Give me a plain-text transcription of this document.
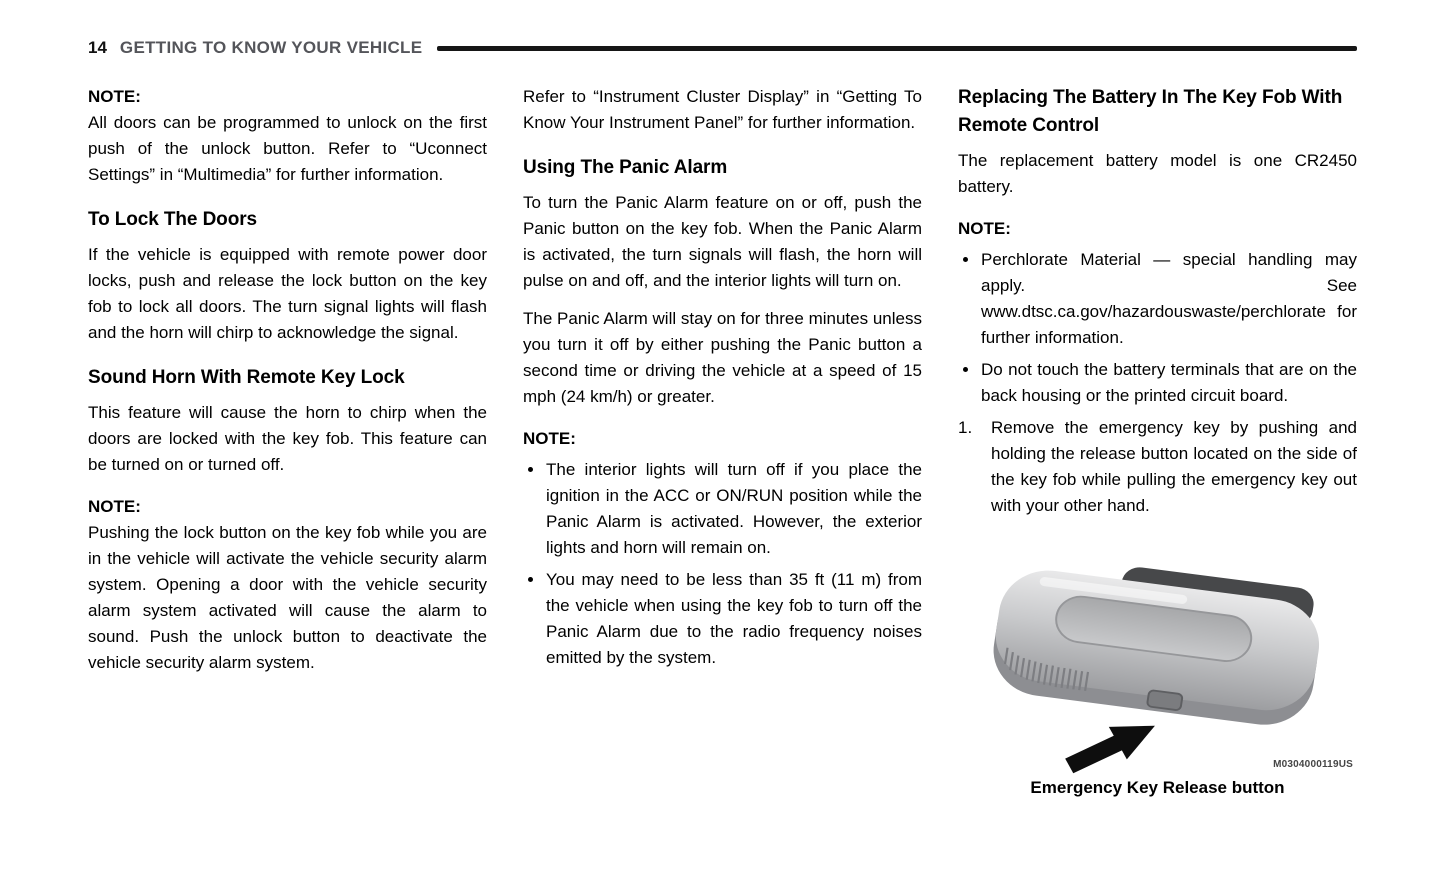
14 GETTING TO KNOW YOUR VEHICLE

NOTE:

All doors can be programmed to unlock on the first push of the unlock button. Refer to “Uconnect Settings” in “Multimedia” for further information.

To Lock The Doors

If the vehicle is equipped with remote power door locks, push and release the lock button on the key fob to lock all doors. The turn signal lights will flash and the horn will chirp to acknowledge the signal.

Sound Horn With Remote Key Lock

This feature will cause the horn to chirp when the doors are locked with the key fob. This feature can be turned on or turned off.

NOTE:

Pushing the lock button on the key fob while you are in the vehicle will activate the vehicle security alarm system. Opening a door with the vehicle security alarm system activated will cause the alarm to sound. Push the unlock button to deactivate the vehicle security alarm system.

Refer to “Instrument Cluster Display” in “Getting To Know Your Instrument Panel” for further information.

Using The Panic Alarm

To turn the Panic Alarm feature on or off, push the Panic button on the key fob. When the Panic Alarm is activated, the turn signals will flash, the horn will pulse on and off, and the interior lights will turn on.

The Panic Alarm will stay on for three minutes unless you turn it off by either pushing the Panic button a second time or driving the vehicle at a speed of 15 mph (24 km/h) or greater.

NOTE:

• The interior lights will turn off if you place the ignition in the ACC or ON/RUN position while the Panic Alarm is activated. However, the exterior lights and horn will remain on.
• You may need to be less than 35 ft (11 m) from the vehicle when using the key fob to turn off the Panic Alarm due to the radio frequency noises emitted by the system.
Replacing The Battery In The Key Fob With Remote Control

The replacement battery model is one CR2450 battery.

NOTE:

• Perchlorate Material — special handling may apply. See www.dtsc.ca.gov/hazardouswaste/perchlorate for further information.
• Do not touch the battery terminals that are on the back housing or the printed circuit board.
1.	Remove the emergency key by pushing and holding the release button located on the side of the key fob while pulling the emergency key out with your other hand.
M0304000119US
Emergency Key Release button
